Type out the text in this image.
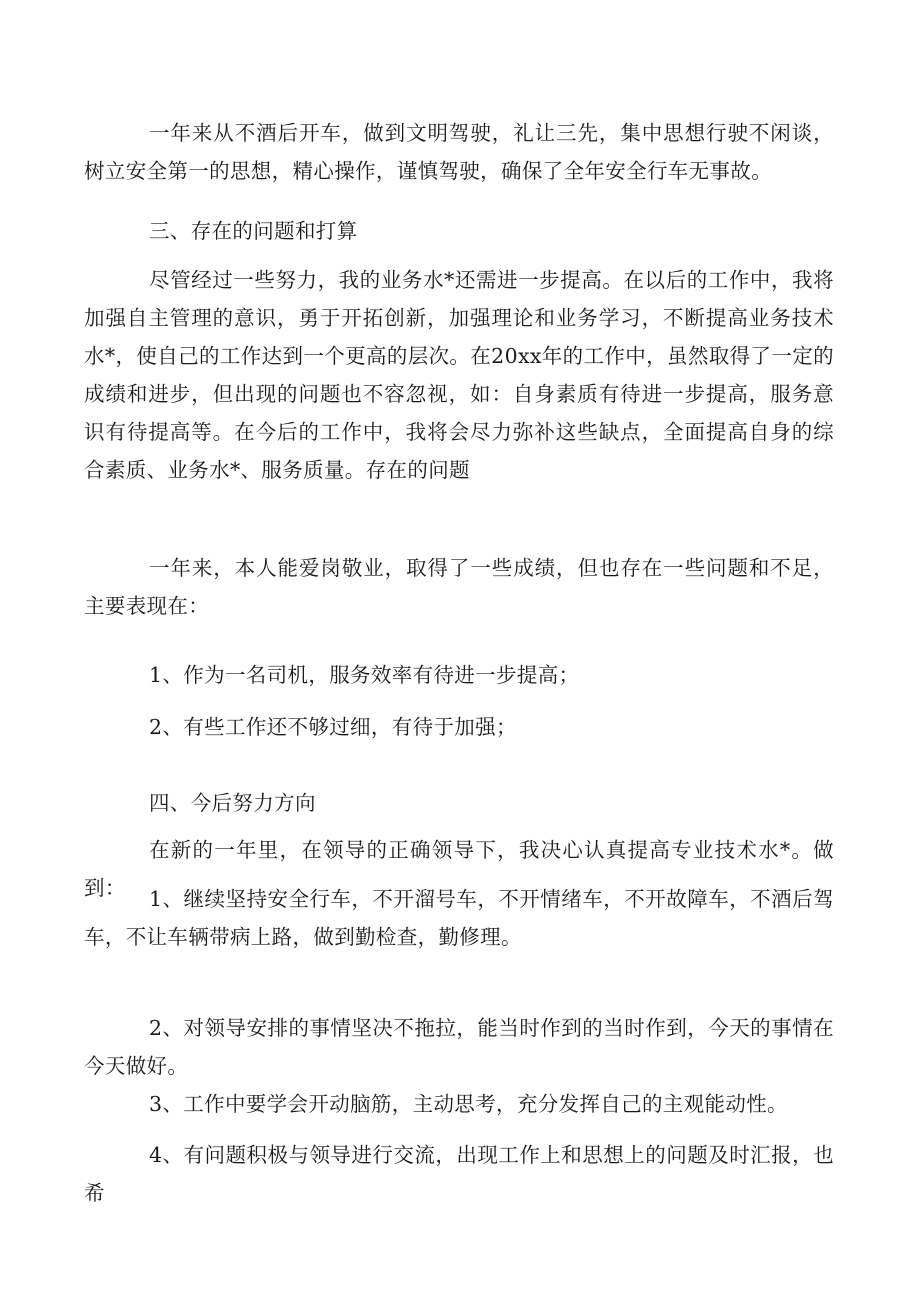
一年来从不酒后开车，做到文明驾驶，礼让三先，集中思想行驶不闲谈，树立安全第一的思想，精心操作，谨慎驾驶，确保了全年安全行车无事故。

三、存在的问题和打算

尽管经过一些努力，我的业务水*还需进一步提高。在以后的工作中，我将加强自主管理的意识，勇于开拓创新，加强理论和业务学习，不断提高业务技术水*，使自己的工作达到一个更高的层次。在20xx年的工作中，虽然取得了一定的成绩和进步，但出现的问题也不容忽视，如：自身素质有待进一步提高，服务意识有待提高等。在今后的工作中，我将会尽力弥补这些缺点，全面提高自身的综合素质、业务水*、服务质量。存在的问题

一年来，本人能爱岗敬业，取得了一些成绩，但也存在一些问题和不足，主要表现在：

1、作为一名司机，服务效率有待进一步提高；

2、有些工作还不够过细，有待于加强；

四、今后努力方向

在新的一年里，在领导的正确领导下，我决心认真提高专业技术水*。做到：	1、继续坚持安全行车，不开溜号车，不开情绪车，不开故障车，不酒后驾车，不让车辆带病上路，做到勤检查，勤修理。

2、对领导安排的事情坚决不拖拉，能当时作到的当时作到，今天的事情在今天做好。

3、工作中要学会开动脑筋，主动思考，充分发挥自己的主观能动性。

4、有问题积极与领导进行交流，出现工作上和思想上的问题及时汇报，也希
